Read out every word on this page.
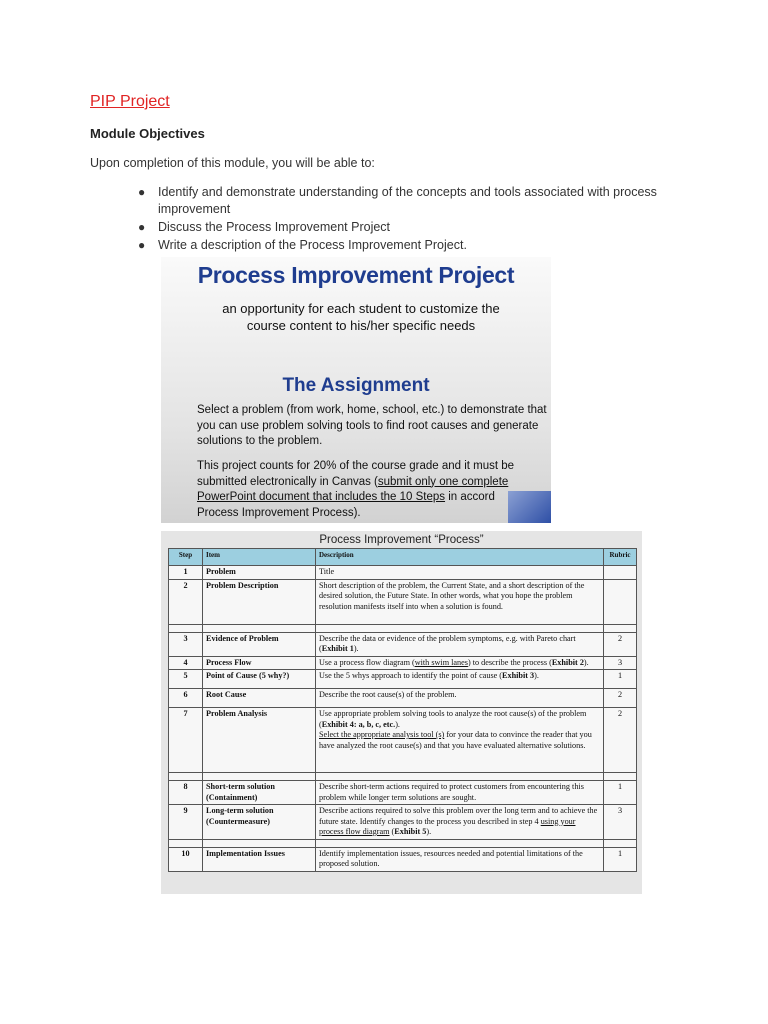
PIP Project
Module Objectives
Upon completion of this module, you will be able to:
● Identify and demonstrate understanding of the concepts and tools associated with process improvement
● Discuss the Process Improvement Project
● Write a description of the Process Improvement Project.
Process Improvement Project
an opportunity for each student to customize the course content to his/her specific needs
The Assignment
Select a problem (from work, home, school, etc.) to demonstrate that you can use problem solving tools to find root causes and generate solutions to the problem.
This project counts for 20% of the course grade and it must be submitted electronically in Canvas (submit only one complete PowerPoint document that includes the 10 Steps in accord
Process Improvement Process).
Process Improvement “Process”
Step	Item	Description	Rubric
1	Problem	Title	
2	Problem Description	Short description of the problem, the Current State, and a short description of the desired solution, the Future State. In other words, what you hope the problem resolution manifests itself into when a solution is found.	

3	Evidence of Problem	Describe the data or evidence of the problem symptoms, e.g. with Pareto chart (Exhibit 1).	2
4	Process Flow	Use a process flow diagram (with swim lanes) to describe the process (Exhibit 2).	3
5	Point of Cause (5 why?)	Use the 5 whys approach to identify the point of cause (Exhibit 3).	1
6	Root Cause	Describe the root cause(s) of the problem.	2
7	Problem Analysis	Use appropriate problem solving tools to analyze the root cause(s) of the problem (Exhibit 4: a, b, c, etc.).
Select the appropriate analysis tool (s) for your data to convince the reader that you have analyzed the root cause(s) and that you have evaluated alternative solutions.	2

8	Short-term solution (Containment)	Describe short-term actions required to protect customers from encountering this problem while longer term solutions are sought.	1
9	Long-term solution (Countermeasure)	Describe actions required to solve this problem over the long term and to achieve the future state. Identify changes to the process you described in step 4 using your process flow diagram (Exhibit 5).	3

10	Implementation Issues	Identify implementation issues, resources needed and potential limitations of the proposed solution.	1
